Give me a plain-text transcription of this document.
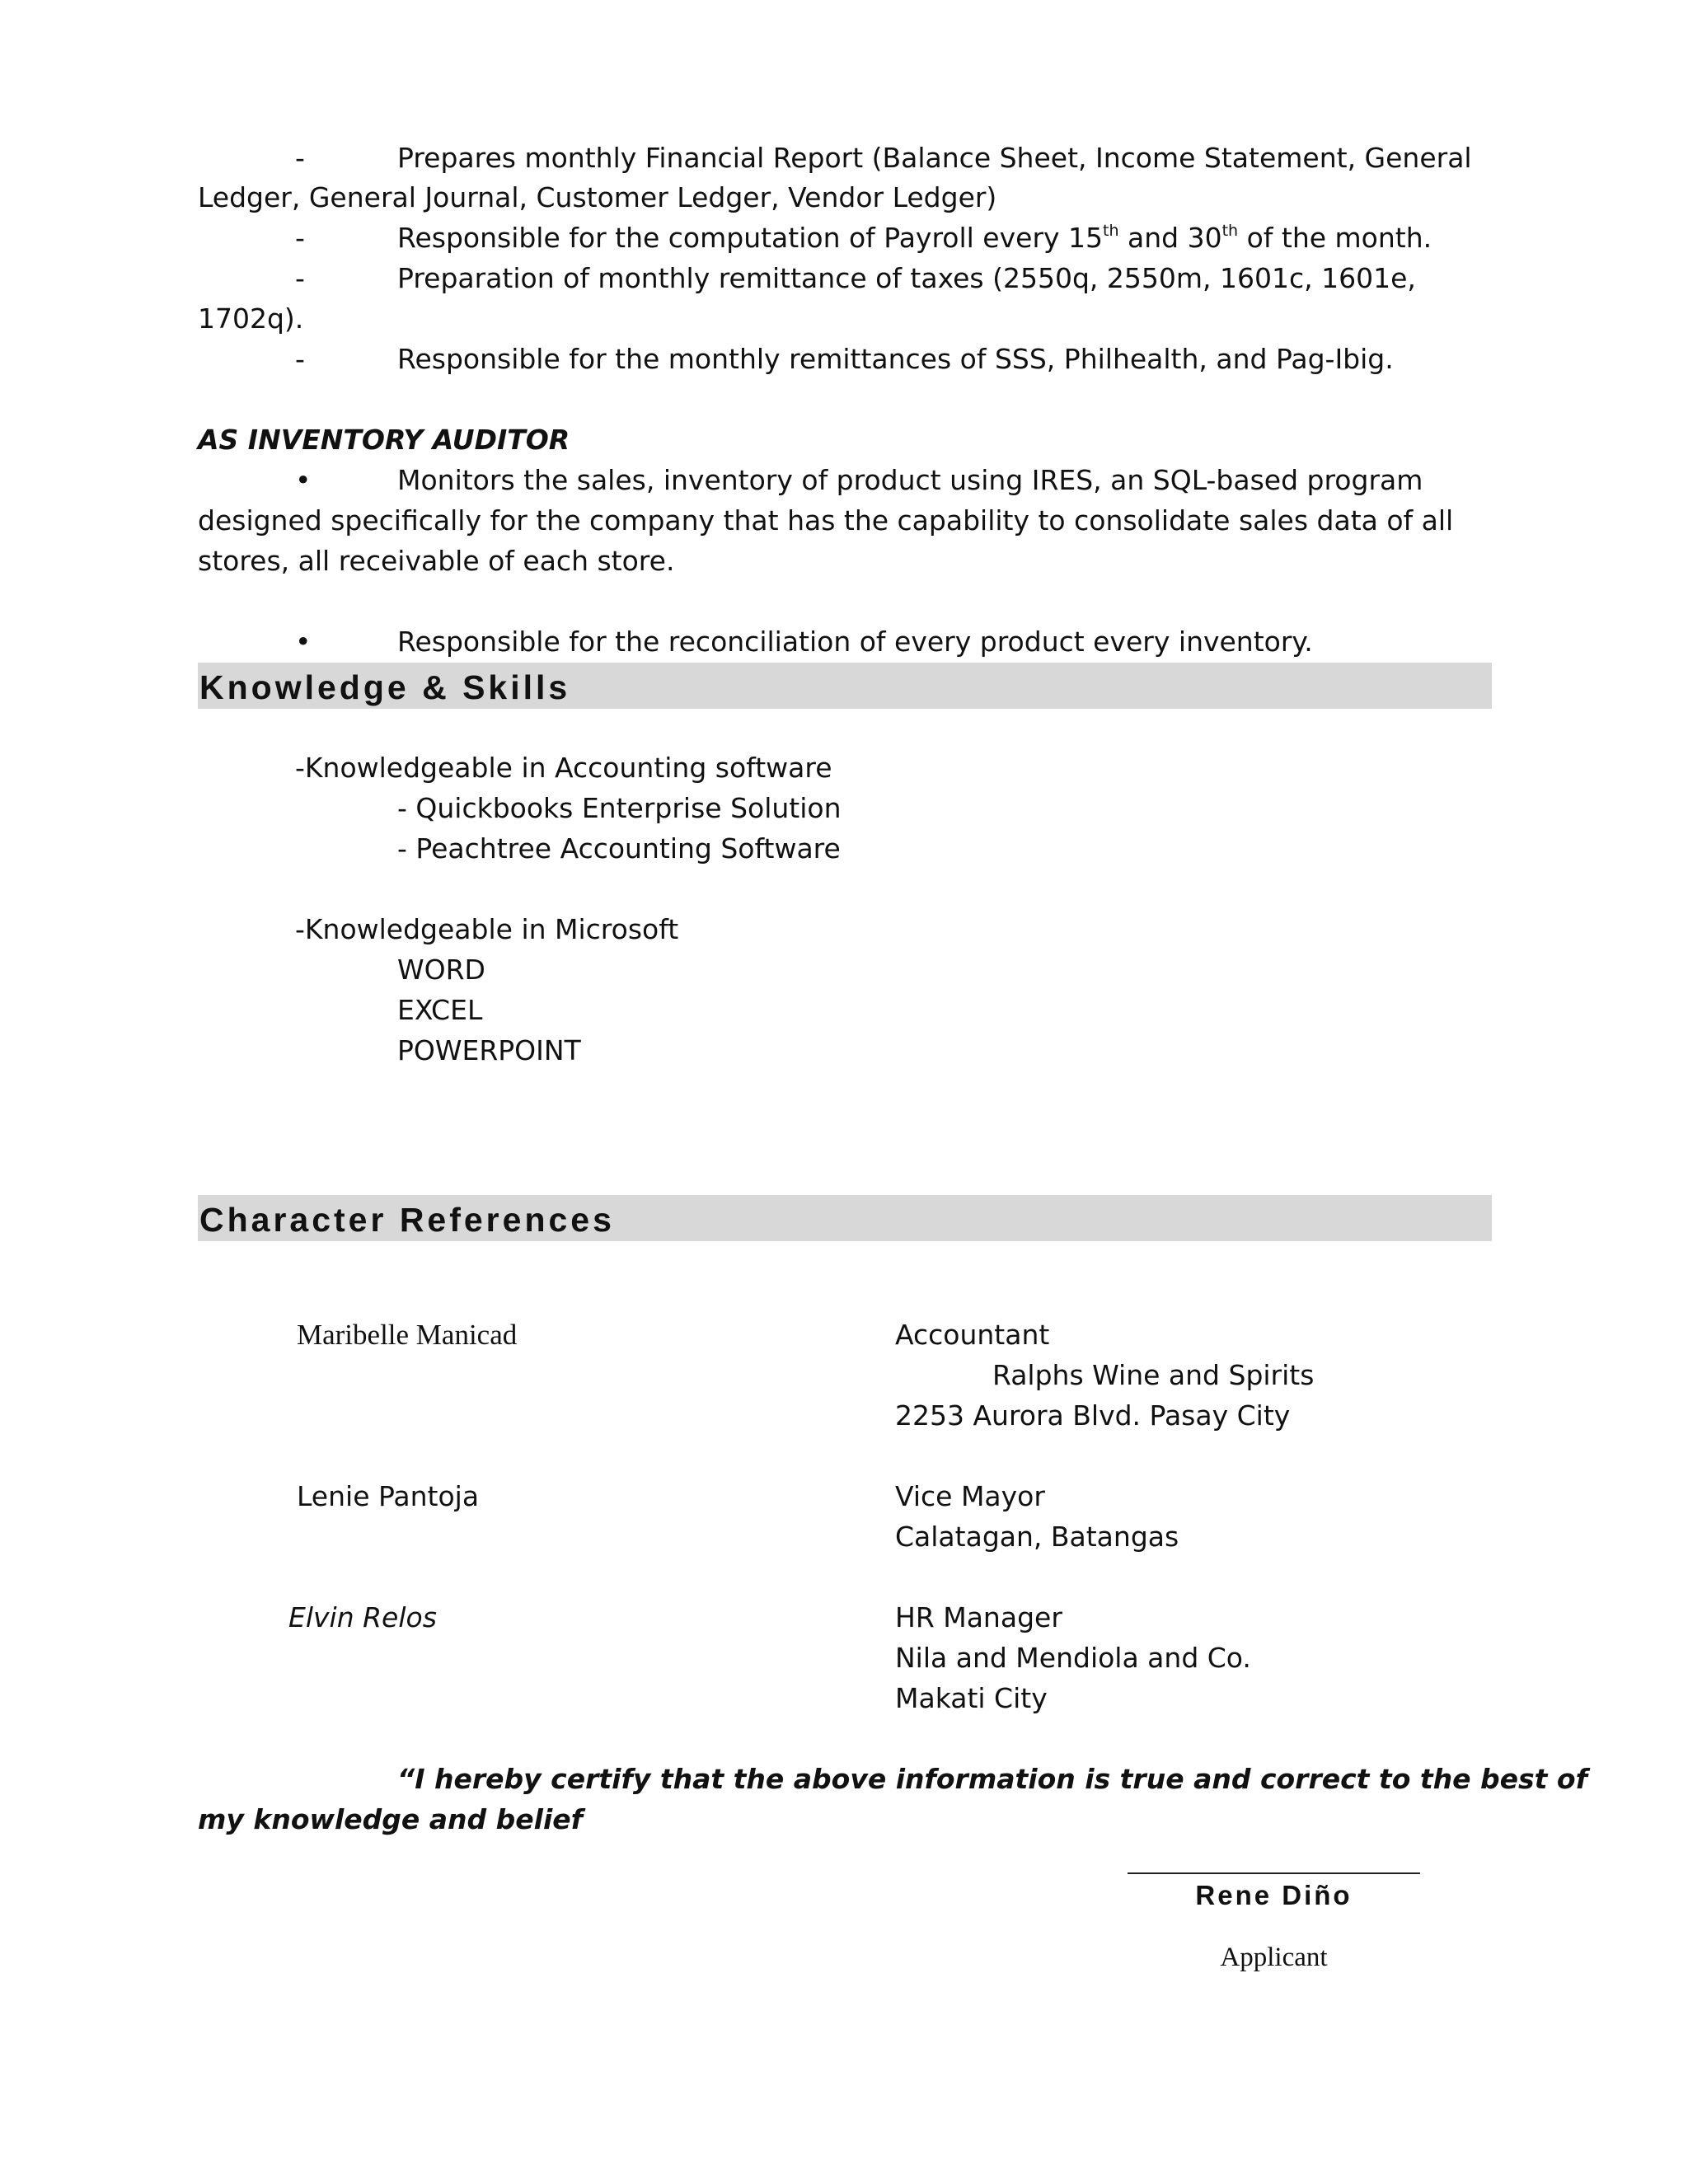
-	Prepares monthly Financial Report (Balance Sheet, Income Statement, General
Ledger, General Journal, Customer Ledger, Vendor Ledger)
-	Responsible for the computation of Payroll every 15th and 30th of the month.
-	Preparation of monthly remittance of taxes (2550q, 2550m, 1601c, 1601e,
1702q).
-	Responsible for the monthly remittances of SSS, Philhealth, and Pag-Ibig.
AS INVENTORY AUDITOR
•	Monitors the sales, inventory of product using IRES, an SQL-based program
designed specifically for the company that has the capability to consolidate sales data of all
stores, all receivable of each store.
•	Responsible for the reconciliation of every product every inventory.
Knowledge & Skills
-Knowledgeable in Accounting software
- Quickbooks Enterprise Solution
- Peachtree Accounting Software
-Knowledgeable in Microsoft
WORD
EXCEL
POWERPOINT
Character References
Maribelle Manicad	Accountant
Ralphs Wine and Spirits
2253 Aurora Blvd. Pasay City
Lenie Pantoja	Vice Mayor
Calatagan, Batangas
Elvin Relos	HR Manager
Nila and Mendiola and Co.
Makati City
“I hereby certify that the above information is true and correct to the best of
my knowledge and belief
Rene Diño
Applicant
